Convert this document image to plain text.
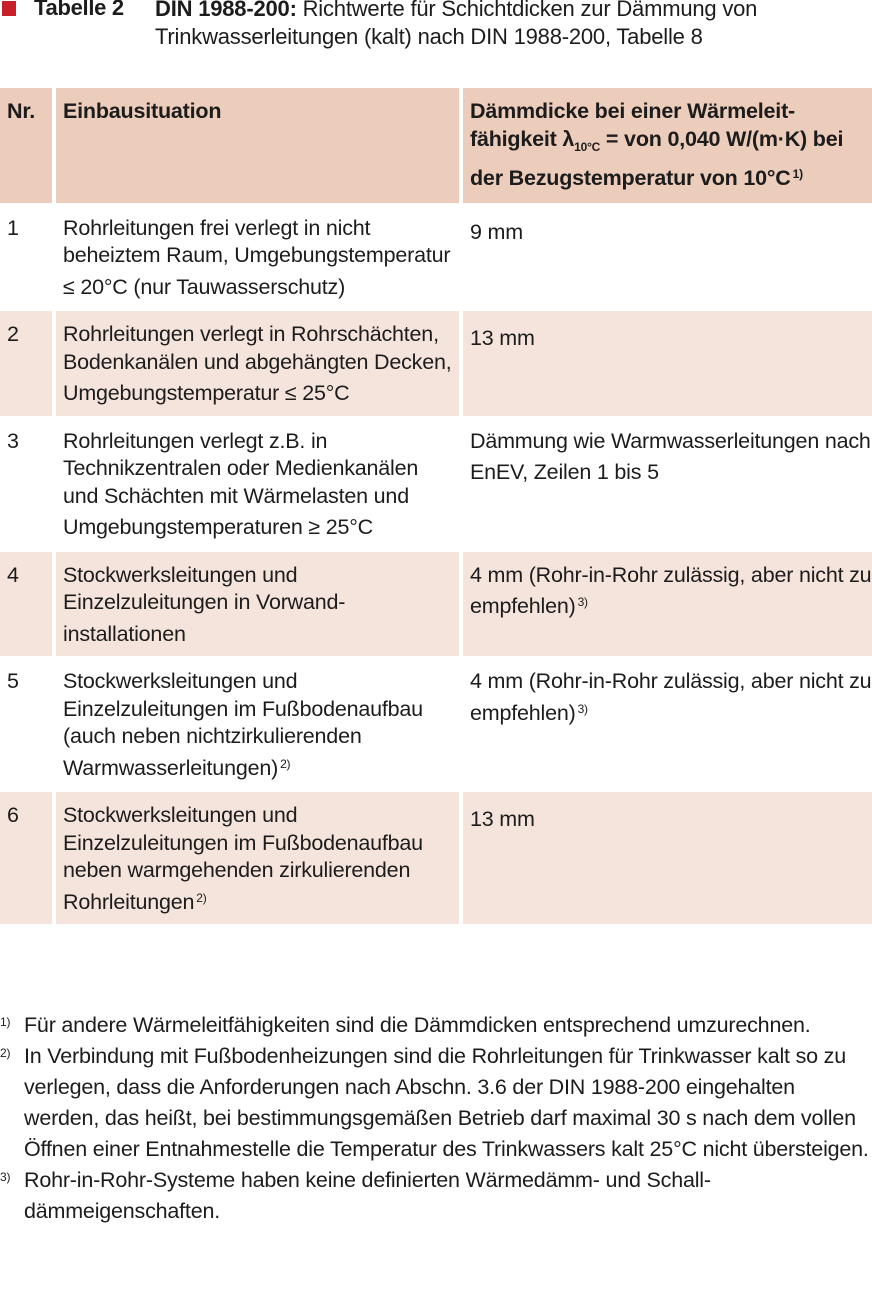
Tabelle 2 DIN 1988-200: Richtwerte für Schichtdicken zur Dämmung von Trinkwasserleitungen (kalt) nach DIN 1988-200, Tabelle 8
Nr.	Einbausituation	Dämmdicke bei einer Wärmeleitfähigkeit $\lambda_{10^\circ C}$ = von 0,040 W/(m·K) bei der Bezugstemperatur von 10°C $^{1)}$
1	Rohrleitungen frei verlegt in nicht beheiztem Raum, Umgebungstemperatur ≤ 20°C (nur Tauwasserschutz)	9 mm
2	Rohrleitungen verlegt in Rohrschächten, Bodenkanälen und abgehängten Decken, Umgebungstemperatur ≤ 25°C	13 mm
3	Rohrleitungen verlegt z.B. in Technikzentralen oder Medienkanälen und Schächten mit Wärmelasten und Umgebungstemperaturen ≥ 25°C	Dämmung wie Warmwasserleitungen nach EnEV, Zeilen 1 bis 5
4	Stockwerksleitungen und Einzelzuleitungen in Vorwandinstallationen	4 mm (Rohr-in-Rohr zulässig, aber nicht zu empfehlen) $^{3)}$
5	Stockwerksleitungen und Einzelzuleitungen im Fußbodenaufbau (auch neben nichtzirkulierenden Warmwasserleitungen) $^{2)}$	4 mm (Rohr-in-Rohr zulässig, aber nicht zu empfehlen) $^{3)}$
6	Stockwerksleitungen und Einzelzuleitungen im Fußbodenaufbau neben warmgehenden zirkulierenden Rohrleitungen $^{2)}$	13 mm
1) Für andere Wärmeleitfähigkeiten sind die Dämmdicken entsprechend umzurechnen.
2) In Verbindung mit Fußbodenheizungen sind die Rohrleitungen für Trinkwasser kalt so zu verlegen, dass die Anforderungen nach Abschn. 3.6 der DIN 1988-200 eingehalten werden, das heißt, bei bestimmungsgemäßen Betrieb darf maximal 30 s nach dem vollen Öffnen einer Entnahmestelle die Temperatur des Trinkwassers kalt 25°C nicht übersteigen.
3) Rohr-in-Rohr-Systeme haben keine definierten Wärmedämm- und Schalldämmeigenschaften.
